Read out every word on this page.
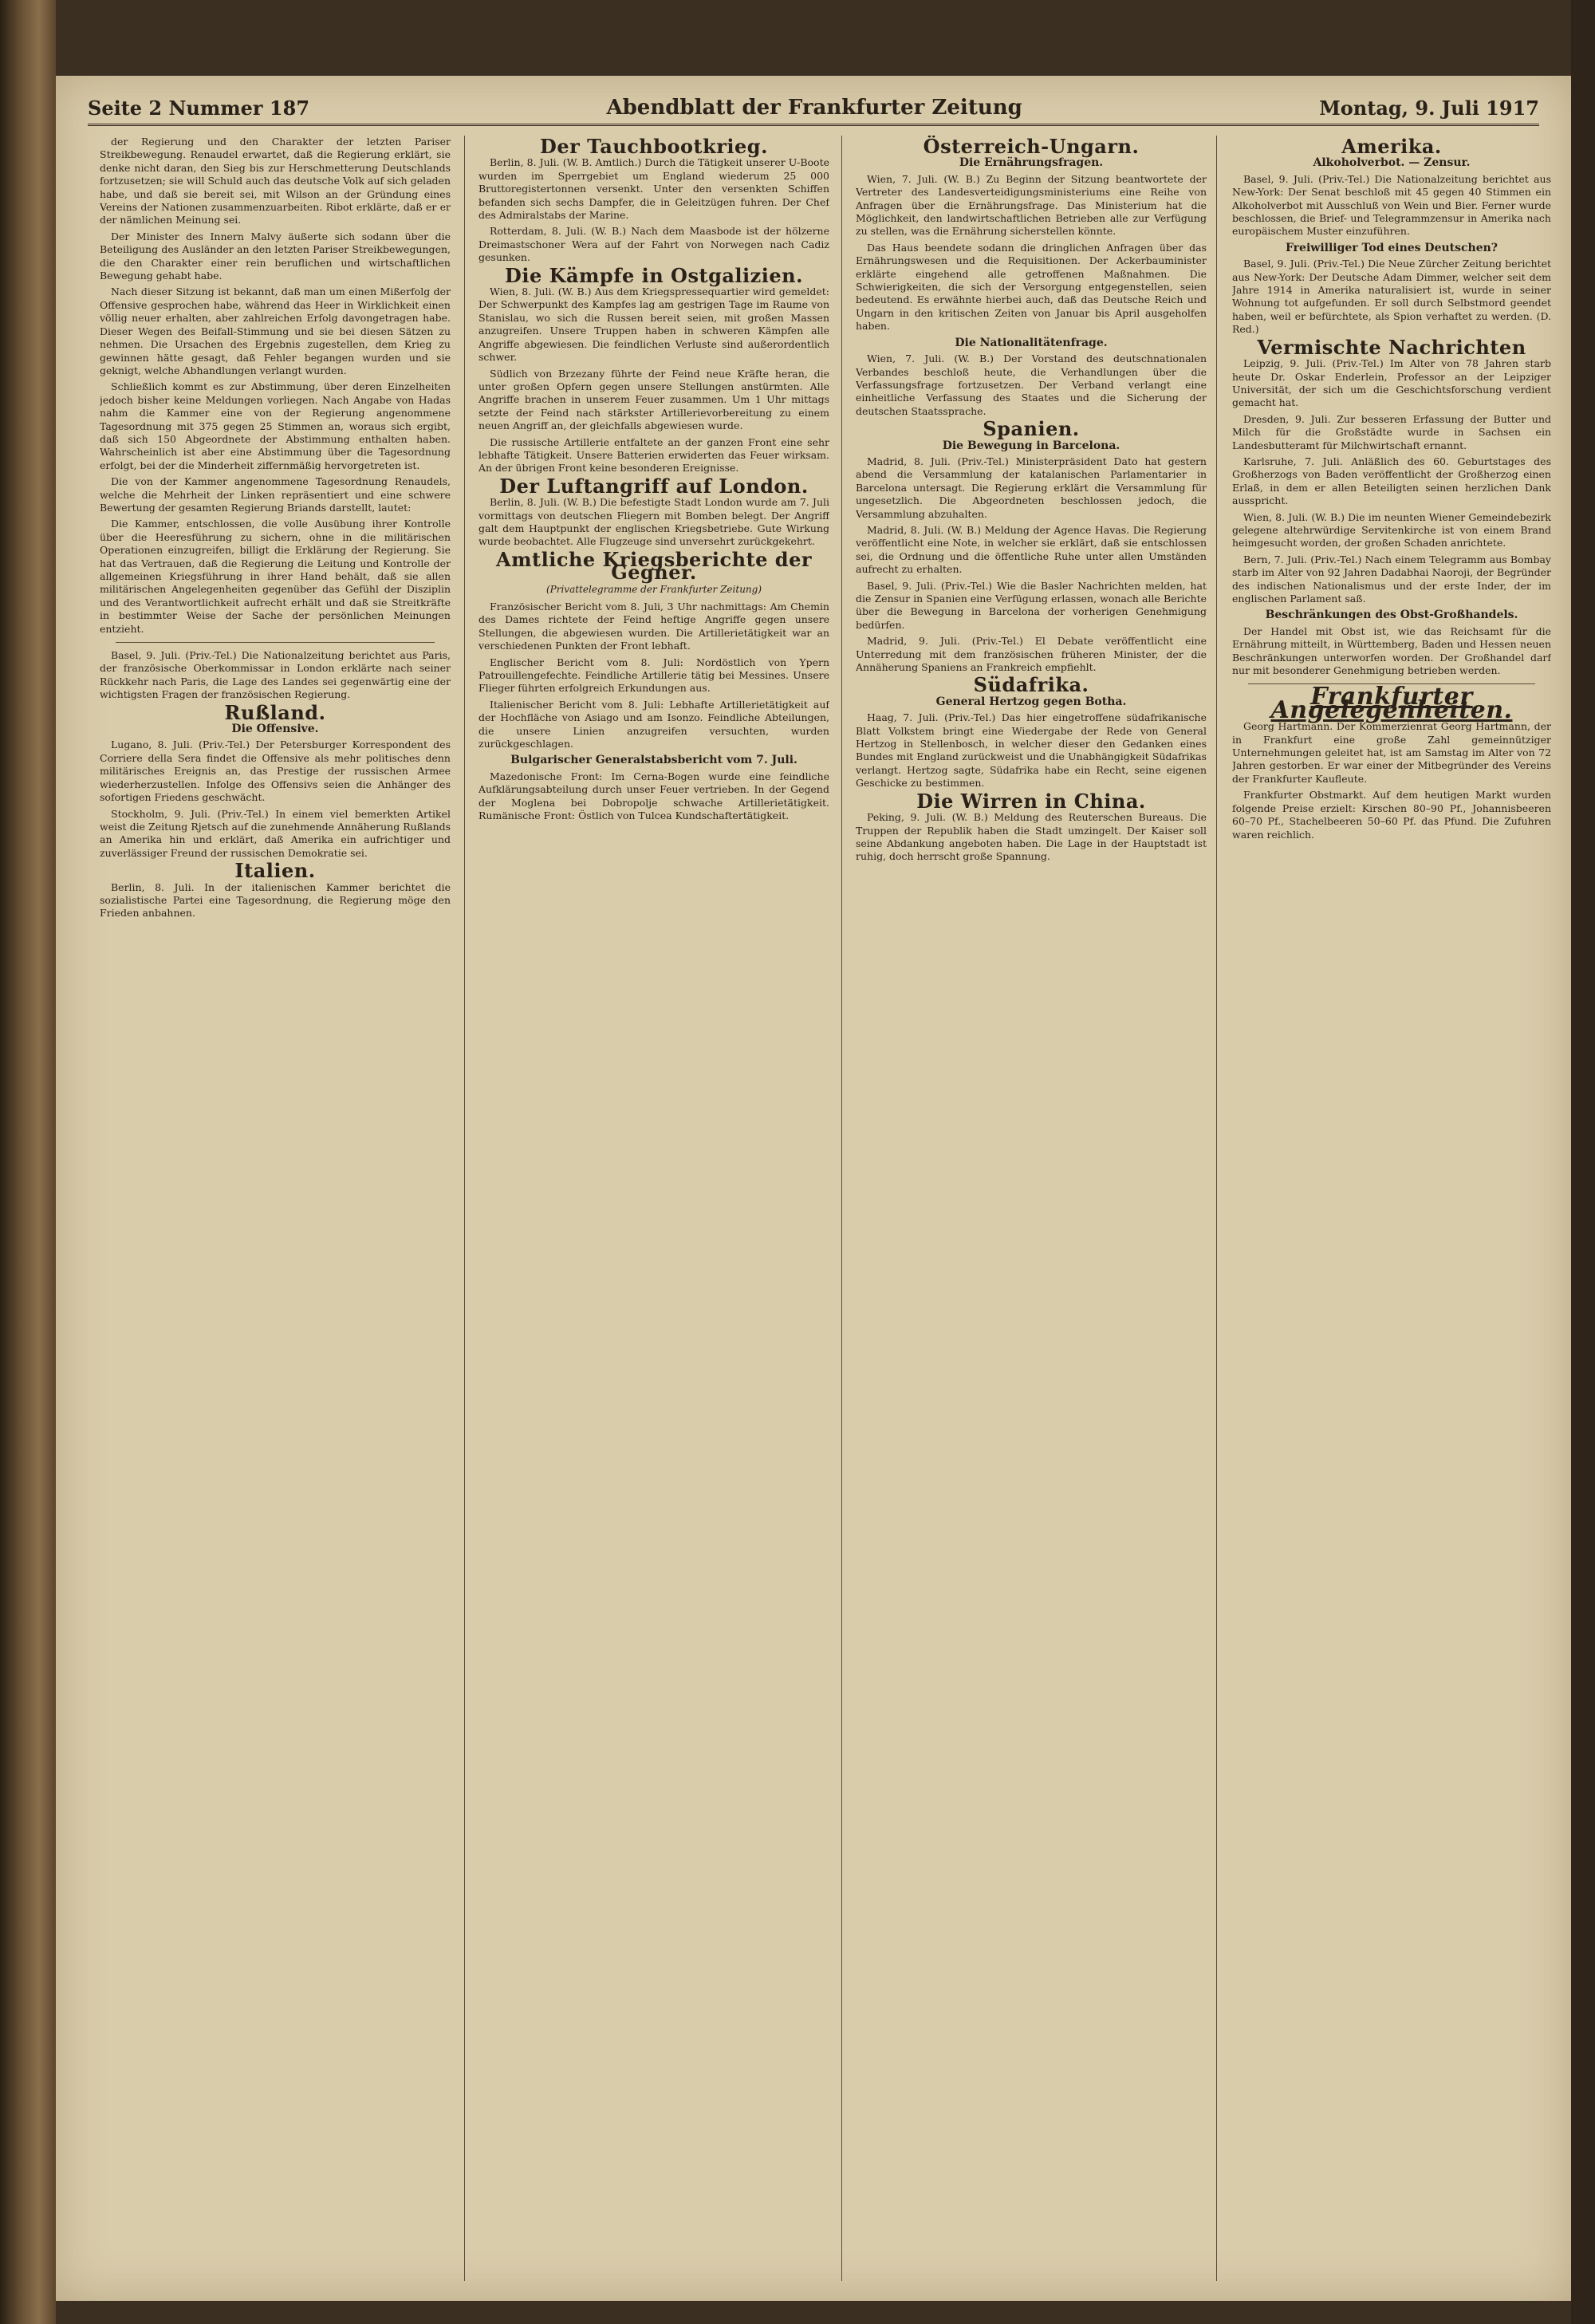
Seite 2 Nummer 187	Abendblatt der Frankfurter Zeitung	Montag, 9. Juli 1917

der Regierung und den Charakter der letzten Pariser Streikbewegung. Renaudel erwartet, daß die Regierung erklärt, sie denke nicht daran, den Sieg bis zur Herschmetterung Deutschlands fortzusetzen; sie will Schuld auch das deutsche Volk auf sich geladen habe, und daß sie bereit sei, mit Wilson an der Gründung eines Vereins der Nationen zusammenzuarbeiten. Ribot erklärte, daß er er der nämlichen Meinung sei.

Der Minister des Innern Malvy äußerte sich sodann über die Beteiligung des Ausländer an den letzten Pariser Streikbewegungen, die den Charakter einer rein beruflichen und wirtschaftlichen Bewegung gehabt habe.

Nach dieser Sitzung ist bekannt, daß man um einen Mißerfolg der Offensive gesprochen habe, während das Heer in Wirklichkeit einen völlig neuer erhalten, aber zahlreichen Erfolg davongetragen habe. Dieser Wegen des Beifall-Stimmung und sie bei diesen Sätzen zu nehmen. Die Ursachen des Ergebnis zugestellen, dem Krieg zu gewinnen hätte gesagt, daß Fehler begangen wurden und sie geknigt, welche Abhandlungen verlangt wurden.

Schließlich kommt es zur Abstimmung, über deren Einzelheiten jedoch bisher keine Meldungen vorliegen. Nach Angabe von Hadas nahm die Kammer eine von der Regierung angenommene Tagesordnung mit 375 gegen 25 Stimmen an, woraus sich ergibt, daß sich 150 Abgeordnete der Abstimmung enthalten haben. Wahrscheinlich ist aber eine Abstimmung über die Tagesordnung erfolgt, bei der die Minderheit ziffernmäßig hervorgetreten ist.

Die von der Kammer angenommene Tagesordnung Renaudels, welche die Mehrheit der Linken repräsentiert und eine schwere Bewertung der gesamten Regierung Briands darstellt, lautet:

Die Kammer, entschlossen, die volle Ausübung ihrer Kontrolle über die Heeresführung zu sichern, ohne in die militärischen Operationen einzugreifen, billigt die Erklärung der Regierung. Sie hat das Vertrauen, daß die Regierung die Leitung und Kontrolle der allgemeinen Kriegsführung in ihrer Hand behält, daß sie allen militärischen Angelegenheiten gegenüber das Gefühl der Disziplin und des Verantwortlichkeit aufrecht erhält und daß sie Streitkräfte in bestimmter Weise der Sache der persönlichen Meinungen entzieht.

Basel, 9. Juli. (Priv.-Tel.) Die Nationalzeitung berichtet aus Paris, der französische Oberkommissar in London erklärte nach seiner Rückkehr nach Paris, die Lage des Landes sei gegenwärtig eine der wichtigsten Fragen der französischen Regierung.

Rußland.
Die Offensive.

Lugano, 8. Juli. (Priv.-Tel.) Der Petersburger Korrespondent des Corriere della Sera findet die Offensive als mehr politisches denn militärisches Ereignis an, das Prestige der russischen Armee wiederherzustellen. Infolge des Offensivs seien die Anhänger des sofortigen Friedens geschwächt.

Stockholm, 9. Juli. (Priv.-Tel.) In einem viel bemerkten Artikel weist die Zeitung Rjetsch auf die zunehmende Annäherung Rußlands an Amerika hin und erklärt, daß Amerika ein aufrichtiger und zuverlässiger Freund der russischen Demokratie sei.

Italien.

Berlin, 8. Juli. In der italienischen Kammer berichtet die sozialistische Partei eine Tagesordnung, die Regierung möge den Frieden anbahnen.

Der Tauchbootkrieg.

Berlin, 8. Juli. (W. B. Amtlich.) Durch die Tätigkeit unserer U-Boote wurden im Sperrgebiet um England wiederum 25 000 Bruttoregistertonnen versenkt. Unter den versenkten Schiffen befanden sich sechs Dampfer, die in Geleitzügen fuhren. Der Chef des Admiralstabs der Marine.

Rotterdam, 8. Juli. (W. B.) Nach dem Maasbode ist der hölzerne Dreimastschoner Wera auf der Fahrt von Norwegen nach Cadiz gesunken.

Die Kämpfe in Ostgalizien.

Wien, 8. Juli. (W. B.) Aus dem Kriegspressequartier wird gemeldet: Der Schwerpunkt des Kampfes lag am gestrigen Tage im Raume von Stanislau, wo sich die Russen bereit seien, mit großen Massen anzugreifen. Unsere Truppen haben in schweren Kämpfen alle Angriffe abgewiesen. Die feindlichen Verluste sind außerordentlich schwer.

Südlich von Brzezany führte der Feind neue Kräfte heran, die unter großen Opfern gegen unsere Stellungen anstürmten. Alle Angriffe brachen in unserem Feuer zusammen. Um 1 Uhr mittags setzte der Feind nach stärkster Artillerievorbereitung zu einem neuen Angriff an, der gleichfalls abgewiesen wurde.

Die russische Artillerie entfaltete an der ganzen Front eine sehr lebhafte Tätigkeit. Unsere Batterien erwiderten das Feuer wirksam. An der übrigen Front keine besonderen Ereignisse.

Der Luftangriff auf London.

Berlin, 8. Juli. (W. B.) Die befestigte Stadt London wurde am 7. Juli vormittags von deutschen Fliegern mit Bomben belegt. Der Angriff galt dem Hauptpunkt der englischen Kriegsbetriebe. Gute Wirkung wurde beobachtet. Alle Flugzeuge sind unversehrt zurückgekehrt.

Amtliche Kriegsberichte der Gegner.
(Privattelegramme der Frankfurter Zeitung)

Französischer Bericht vom 8. Juli, 3 Uhr nachmittags: Am Chemin des Dames richtete der Feind heftige Angriffe gegen unsere Stellungen, die abgewiesen wurden. Die Artillerietätigkeit war an verschiedenen Punkten der Front lebhaft.

Englischer Bericht vom 8. Juli: Nordöstlich von Ypern Patrouillengefechte. Feindliche Artillerie tätig bei Messines. Unsere Flieger führten erfolgreich Erkundungen aus.

Italienischer Bericht vom 8. Juli: Lebhafte Artillerietätigkeit auf der Hochfläche von Asiago und am Isonzo. Feindliche Abteilungen, die unsere Linien anzugreifen versuchten, wurden zurückgeschlagen.

Bulgarischer Generalstabsbericht vom 7. Juli.

Mazedonische Front: Im Cerna-Bogen wurde eine feindliche Aufklärungsabteilung durch unser Feuer vertrieben. In der Gegend der Moglena bei Dobropolje schwache Artillerietätigkeit. Rumänische Front: Östlich von Tulcea Kundschaftertätigkeit.

Österreich-Ungarn.
Die Ernährungsfragen.

Wien, 7. Juli. (W. B.) Zu Beginn der Sitzung beantwortete der Vertreter des Landesverteidigungsministeriums eine Reihe von Anfragen über die Ernährungsfrage. Das Ministerium hat die Möglichkeit, den landwirtschaftlichen Betrieben alle zur Verfügung zu stellen, was die Ernährung sicherstellen könnte.

Das Haus beendete sodann die dringlichen Anfragen über das Ernährungswesen und die Requisitionen. Der Ackerbauminister erklärte eingehend alle getroffenen Maßnahmen. Die Schwierigkeiten, die sich der Versorgung entgegenstellen, seien bedeutend. Es erwähnte hierbei auch, daß das Deutsche Reich und Ungarn in den kritischen Zeiten von Januar bis April ausgeholfen haben.

Die Nationalitätenfrage.

Wien, 7. Juli. (W. B.) Der Vorstand des deutschnationalen Verbandes beschloß heute, die Verhandlungen über die Verfassungsfrage fortzusetzen. Der Verband verlangt eine einheitliche Verfassung des Staates und die Sicherung der deutschen Staatssprache.

Spanien.
Die Bewegung in Barcelona.

Madrid, 8. Juli. (Priv.-Tel.) Ministerpräsident Dato hat gestern abend die Versammlung der katalanischen Parlamentarier in Barcelona untersagt. Die Regierung erklärt die Versammlung für ungesetzlich. Die Abgeordneten beschlossen jedoch, die Versammlung abzuhalten.

Madrid, 8. Juli. (W. B.) Meldung der Agence Havas. Die Regierung veröffentlicht eine Note, in welcher sie erklärt, daß sie entschlossen sei, die Ordnung und die öffentliche Ruhe unter allen Umständen aufrecht zu erhalten.

Basel, 9. Juli. (Priv.-Tel.) Wie die Basler Nachrichten melden, hat die Zensur in Spanien eine Verfügung erlassen, wonach alle Berichte über die Bewegung in Barcelona der vorherigen Genehmigung bedürfen.

Madrid, 9. Juli. (Priv.-Tel.) El Debate veröffentlicht eine Unterredung mit dem französischen früheren Minister, der die Annäherung Spaniens an Frankreich empfiehlt.

Südafrika.
General Hertzog gegen Botha.

Haag, 7. Juli. (Priv.-Tel.) Das hier eingetroffene südafrikanische Blatt Volkstem bringt eine Wiedergabe der Rede von General Hertzog in Stellenbosch, in welcher dieser den Gedanken eines Bundes mit England zurückweist und die Unabhängigkeit Südafrikas verlangt. Hertzog sagte, Südafrika habe ein Recht, seine eigenen Geschicke zu bestimmen.

Die Wirren in China.

Peking, 9. Juli. (W. B.) Meldung des Reuterschen Bureaus. Die Truppen der Republik haben die Stadt umzingelt. Der Kaiser soll seine Abdankung angeboten haben. Die Lage in der Hauptstadt ist ruhig, doch herrscht große Spannung.

Amerika.
Alkoholverbot. — Zensur.

Basel, 9. Juli. (Priv.-Tel.) Die Nationalzeitung berichtet aus New-York: Der Senat beschloß mit 45 gegen 40 Stimmen ein Alkoholverbot mit Ausschluß von Wein und Bier. Ferner wurde beschlossen, die Brief- und Telegrammzensur in Amerika nach europäischem Muster einzuführen.

Freiwilliger Tod eines Deutschen?

Basel, 9. Juli. (Priv.-Tel.) Die Neue Zürcher Zeitung berichtet aus New-York: Der Deutsche Adam Dimmer, welcher seit dem Jahre 1914 in Amerika naturalisiert ist, wurde in seiner Wohnung tot aufgefunden. Er soll durch Selbstmord geendet haben, weil er befürchtete, als Spion verhaftet zu werden. (D. Red.)

Vermischte Nachrichten

Leipzig, 9. Juli. (Priv.-Tel.) Im Alter von 78 Jahren starb heute Dr. Oskar Enderlein, Professor an der Leipziger Universität, der sich um die Geschichtsforschung verdient gemacht hat.

Dresden, 9. Juli. Zur besseren Erfassung der Butter und Milch für die Großstädte wurde in Sachsen ein Landesbutteramt für Milchwirtschaft ernannt.

Karlsruhe, 7. Juli. Anläßlich des 60. Geburtstages des Großherzogs von Baden veröffentlicht der Großherzog einen Erlaß, in dem er allen Beteiligten seinen herzlichen Dank ausspricht.

Wien, 8. Juli. (W. B.) Die im neunten Wiener Gemeindebezirk gelegene altehrwürdige Servitenkirche ist von einem Brand heimgesucht worden, der großen Schaden anrichtete.

Bern, 7. Juli. (Priv.-Tel.) Nach einem Telegramm aus Bombay starb im Alter von 92 Jahren Dadabhai Naoroji, der Begründer des indischen Nationalismus und der erste Inder, der im englischen Parlament saß.

Beschränkungen des Obst-Großhandels.

Der Handel mit Obst ist, wie das Reichsamt für die Ernährung mitteilt, in Württemberg, Baden und Hessen neuen Beschränkungen unterworfen worden. Der Großhandel darf nur mit besonderer Genehmigung betrieben werden.

Frankfurter Angelegenheiten.

Georg Hartmann. Der Kommerzienrat Georg Hartmann, der in Frankfurt eine große Zahl gemeinnütziger Unternehmungen geleitet hat, ist am Samstag im Alter von 72 Jahren gestorben. Er war einer der Mitbegründer des Vereins der Frankfurter Kaufleute.

Frankfurter Obstmarkt. Auf dem heutigen Markt wurden folgende Preise erzielt: Kirschen 80–90 Pf., Johannisbeeren 60–70 Pf., Stachelbeeren 50–60 Pf. das Pfund. Die Zufuhren waren reichlich.
